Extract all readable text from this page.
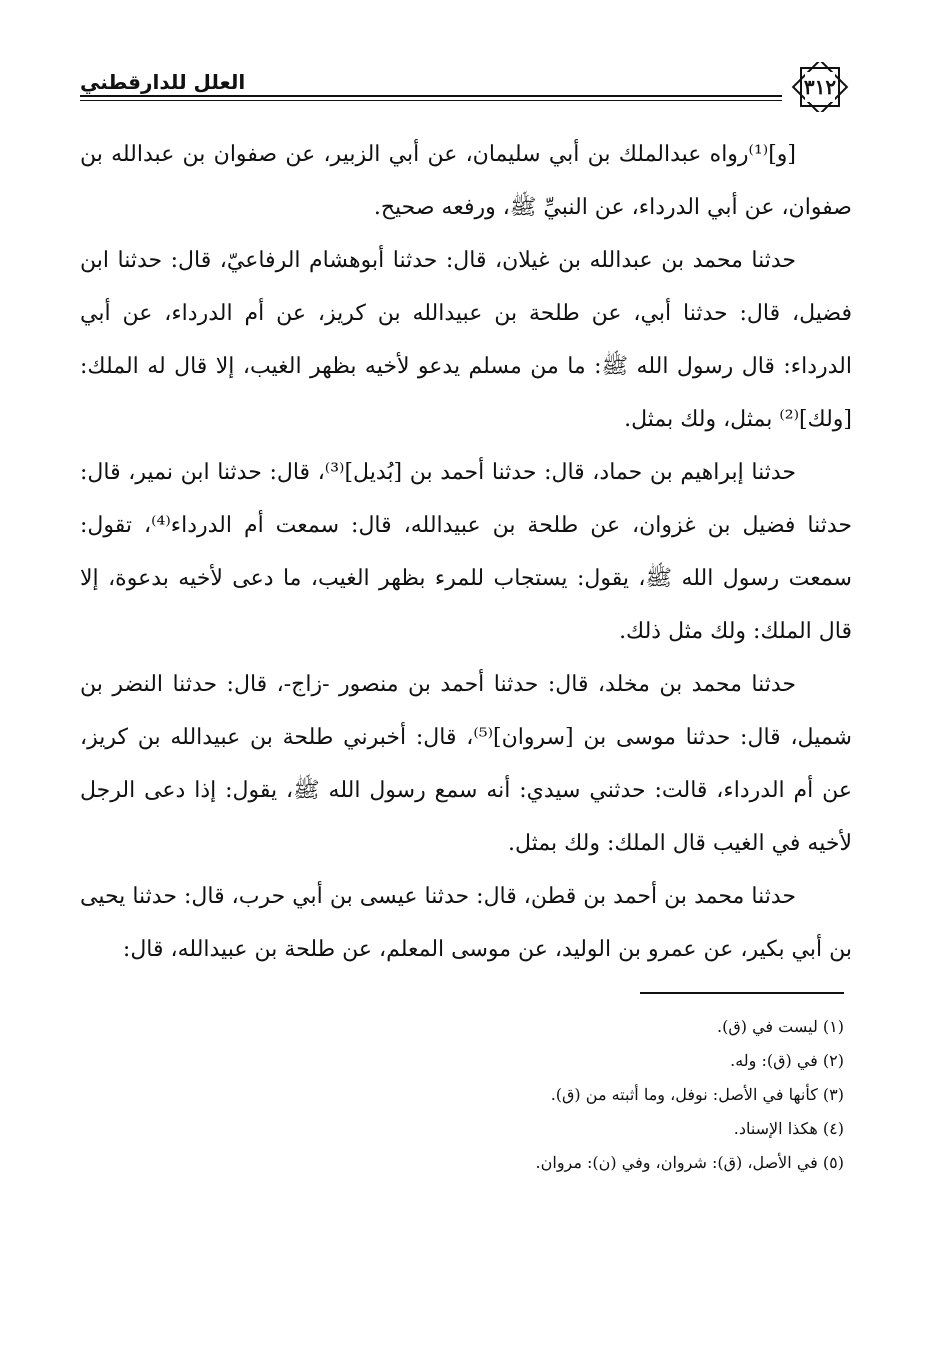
٣١٢
العلل للدارقطني

[و]⁽¹⁾رواه عبدالملك بن أبي سليمان، عن أبي الزبير، عن صفوان بن عبدالله بن صفوان، عن أبي الدرداء، عن النبيِّ ﷺ، ورفعه صحيح.

حدثنا محمد بن عبدالله بن غيلان، قال: حدثنا أبوهشام الرفاعيّ، قال: حدثنا ابن فضيل، قال: حدثنا أبي، عن طلحة بن عبيدالله بن كريز، عن أم الدرداء، عن أبي الدرداء: قال رسول الله ﷺ: ما من مسلم يدعو لأخيه بظهر الغيب، إلا قال له الملك: [ولك]⁽²⁾ بمثل، ولك بمثل.

حدثنا إبراهيم بن حماد، قال: حدثنا أحمد بن [بُديل]⁽³⁾، قال: حدثنا ابن نمير، قال: حدثنا فضيل بن غزوان، عن طلحة بن عبيدالله، قال: سمعت أم الدرداء⁽⁴⁾، تقول: سمعت رسول الله ﷺ، يقول: يستجاب للمرء بظهر الغيب، ما دعى لأخيه بدعوة، إلا قال الملك: ولك مثل ذلك.

حدثنا محمد بن مخلد، قال: حدثنا أحمد بن منصور -زاج-، قال: حدثنا النضر بن شميل، قال: حدثنا موسى بن [سروان]⁽⁵⁾، قال: أخبرني طلحة بن عبيدالله بن كريز، عن أم الدرداء، قالت: حدثني سيدي: أنه سمع رسول الله ﷺ، يقول: إذا دعى الرجل لأخيه في الغيب قال الملك: ولك بمثل.

حدثنا محمد بن أحمد بن قطن، قال: حدثنا عيسى بن أبي حرب، قال: حدثنا يحيى بن أبي بكير، عن عمرو بن الوليد، عن موسى المعلم، عن طلحة بن عبيدالله، قال:

(١) ليست في (ق).
(٢) في (ق): وله.
(٣) كأنها في الأصل: نوفل، وما أثبته من (ق).
(٤) هكذا الإسناد.
(٥) في الأصل، (ق): شروان، وفي (ن): مروان.
